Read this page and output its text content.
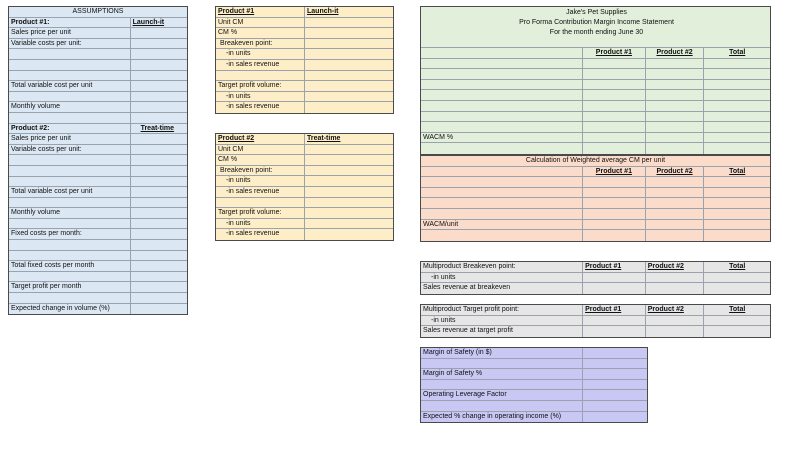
ASSUMPTIONS
Product #1:	Launch-it
Sales price per unit
Variable costs per unit:
Total variable cost per unit
Monthly volume
Product #2:	Treat-time
Sales price per unit
Variable costs per unit:
Total variable cost per unit
Monthly volume
Fixed costs per month:
Total fixed costs per month
Target profit per month
Expected change in volume (%)
Product #1	Launch-it
Unit CM
CM %
Breakeven point:
-in units
-in sales revenue
Target profit volume:
-in units
-in sales revenue
Product #2	Treat-time
Unit CM
CM %
Breakeven point:
-in units
-in sales revenue
Target profit volume:
-in units
-in sales revenue
Jake's Pet Supplies
Pro Forma Contribution Margin Income Statement
For the month ending June 30
Product #1	Product #2	Total
WACM %
Calculation of Weighted average CM per unit
Product #1	Product #2	Total
WACM/unit
Multiproduct Breakeven point:	Product #1	Product #2	Total
-in units
Sales revenue at breakeven
Multiproduct Target profit point:	Product #1	Product #2	Total
-in units
Sales revenue at target profit
Margin of Safety (in $)
Margin of Safety %
Operating Leverage Factor
Expected % change in operating income (%)
